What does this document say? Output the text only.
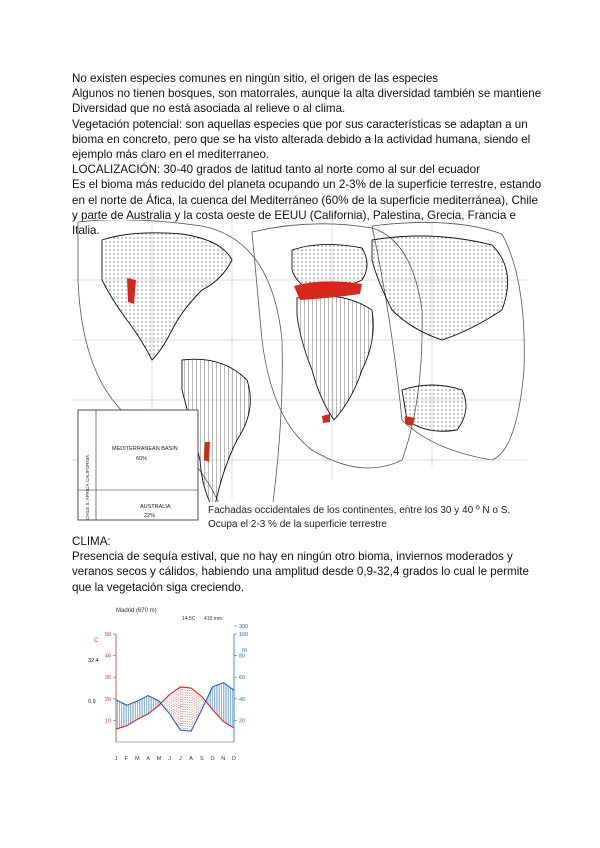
No existen especies comunes en ningún sitio, el origen de las especies

Algunos no tienen bosques, son matorrales, aunque la alta diversidad también se mantiene

Diversidad que no está asociada al relieve o al clima.

Vegetación potencial: son aquellas especies que por sus características se adaptan a un bioma en concreto, pero que se ha visto alterada debido a la actividad humana, siendo el ejemplo más claro en el mediterraneo.

LOCALIZACIÓN: 30-40 grados de latitud tanto al norte como al sur del ecuador

Es el bioma más reducido del planeta ocupando un 2-3% de la superficie terrestre, estando en el norte de Áfica, la cuenca del Mediterráneo (60% de la superficie mediterránea), Chile y parte de Australia y la costa oeste de EEUU (California), Palestina, Grecia, Francia e Italia.

CALIFORNIA
CHILE S. AFRICA
MEDITERRANEAN BASIN
60%
AUSTRALIA
22%	Fachadas occidentales de los continentes, entre los 30 y 40 º N o S.
Ocupa el 2-3 % de la superficie terrestre

CLIMA:

Presencia de sequía estival, que no hay en ningún otro bioma, inviernos moderados y veranos secos y cálidos, habiendo una amplitud desde 0,9-32,4 grados lo cual le permite que la vegetación siga creciendo.

Madrid (670 m)
14,5C 415 mm
50
40
30
20
10
C
32.4
0.9
300
100
80
60
40
20
m
J F M A M J J A S O N D
